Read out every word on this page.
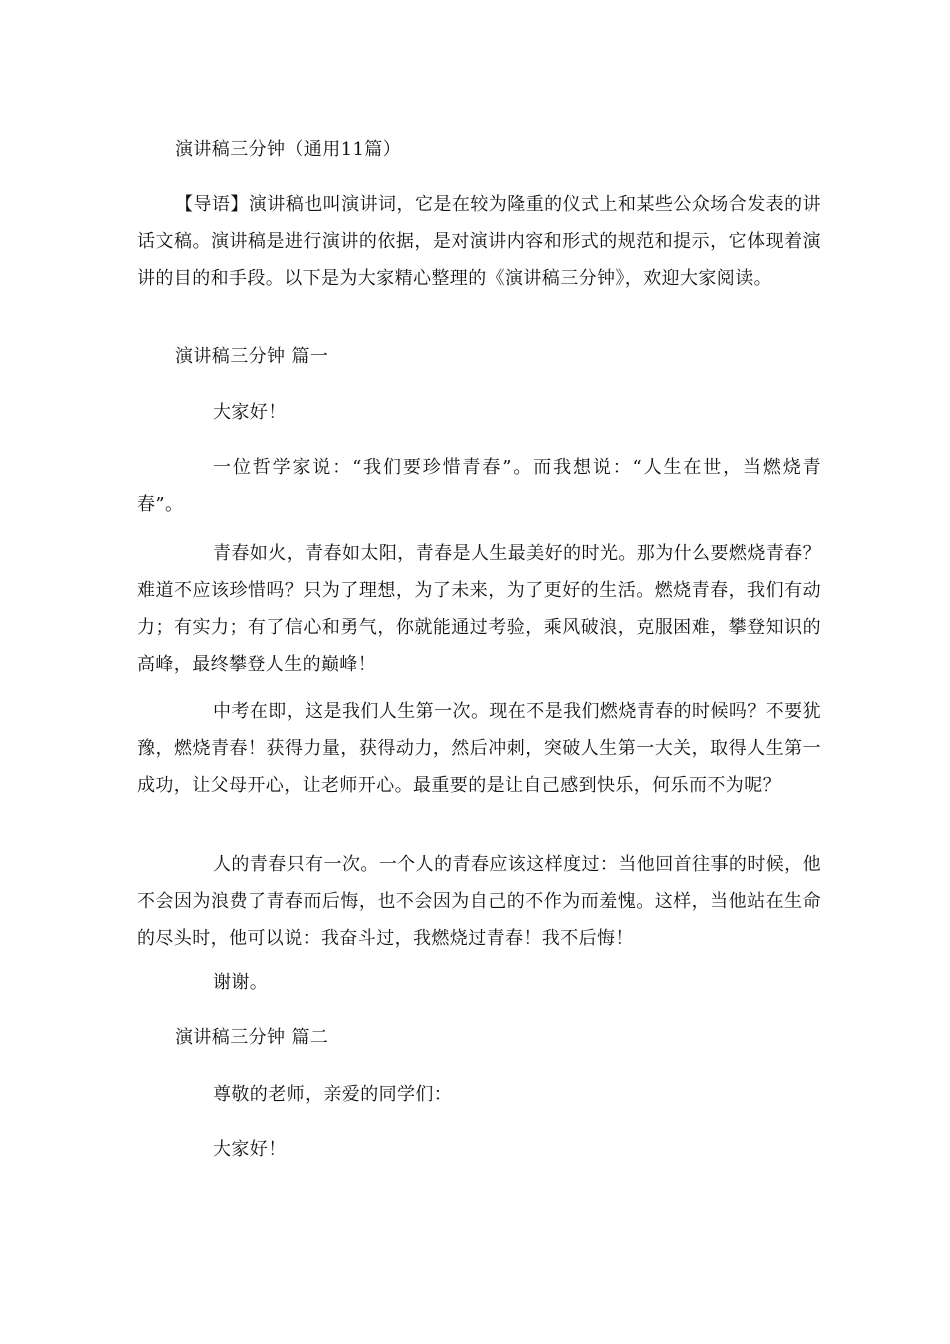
演讲稿三分钟（通用11篇）
【导语】演讲稿也叫演讲词，它是在较为隆重的仪式上和某些公众场合发表的讲话文稿。演讲稿是进行演讲的依据，是对演讲内容和形式的规范和提示，它体现着演讲的目的和手段。以下是为大家精心整理的《演讲稿三分钟》，欢迎大家阅读。
演讲稿三分钟 篇一
大家好！
一位哲学家说：“我们要珍惜青春”。而我想说：“人生在世，当燃烧青春”。
青春如火，青春如太阳，青春是人生最美好的时光。那为什么要燃烧青春？难道不应该珍惜吗？只为了理想，为了未来，为了更好的生活。燃烧青春，我们有动力；有实力；有了信心和勇气，你就能通过考验，乘风破浪，克服困难，攀登知识的高峰，最终攀登人生的巅峰！
中考在即，这是我们人生第一次。现在不是我们燃烧青春的时候吗？不要犹豫，燃烧青春！获得力量，获得动力，然后冲刺，突破人生第一大关，取得人生第一成功，让父母开心，让老师开心。最重要的是让自己感到快乐，何乐而不为呢？
人的青春只有一次。一个人的青春应该这样度过：当他回首往事的时候，他不会因为浪费了青春而后悔，也不会因为自己的不作为而羞愧。这样，当他站在生命的尽头时，他可以说：我奋斗过，我燃烧过青春！我不后悔！
谢谢。
演讲稿三分钟 篇二
尊敬的老师，亲爱的同学们：
大家好！
